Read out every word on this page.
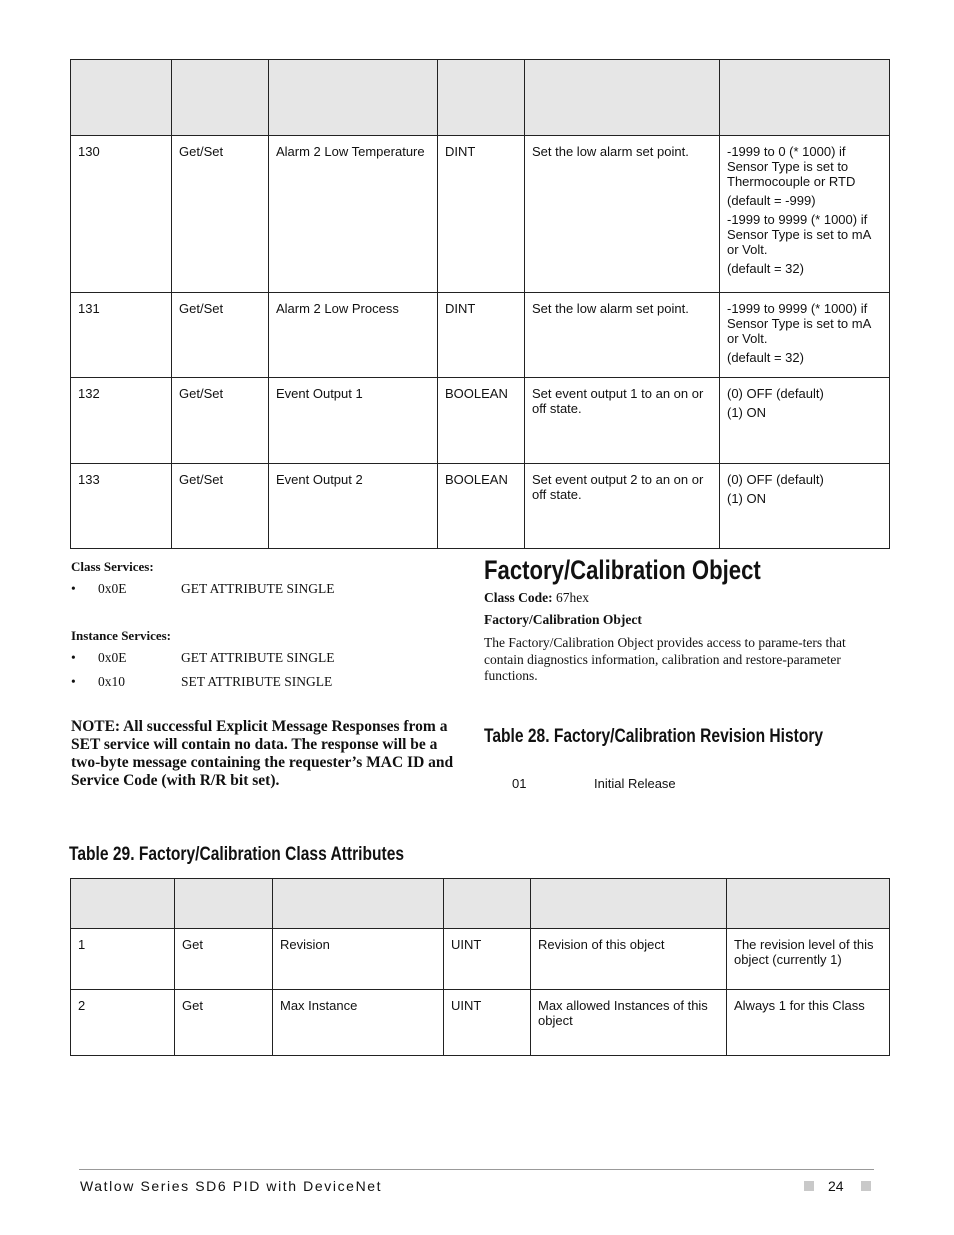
130	Get/Set	Alarm 2 Low Temperature	DINT	Set the low alarm set point.	-1999 to 0 (* 1000) if Sensor Type is set to Thermocouple or RTD

(default = -999)

-1999 to 9999 (* 1000) if Sensor Type is set to mA or Volt.

(default = 32)

131	Get/Set	Alarm 2 Low Process	DINT	Set the low alarm set point.	-1999 to 9999 (* 1000) if Sensor Type is set to mA or Volt.

(default = 32)

132	Get/Set	Event Output 1	BOOLEAN	Set event output 1 to an on or off state.	(0) OFF (default)

(1) ON

133	Get/Set	Event Output 2	BOOLEAN	Set event output 2 to an on or off state.	(0) OFF (default)

(1) ON

Class Services:
• 0x0E	GET ATTRIBUTE SINGLE
Instance Services:
• 0x0E	GET ATTRIBUTE SINGLE
• 0x10	SET ATTRIBUTE SINGLE
NOTE: All successful Explicit Message Responses from a SET service will contain no data. The response will be a two-byte message containing the requester’s MAC ID and Service Code (with R/R bit set).
Factory/Calibration Object
Class Code: 67hex
Factory/Calibration Object
The Factory/Calibration Object provides access to parame-ters that contain diagnostics information, calibration and restore-parameter functions.
Table 28. Factory/Calibration Revision History
01	Initial Release
Table 29. Factory/Calibration Class Attributes

1	Get	Revision	UINT	Revision of this object	The revision level of this object (currently 1)
2	Get	Max Instance	UINT	Max allowed Instances of this object	Always 1 for this Class
Watlow Series SD6 PID with DeviceNet	24
